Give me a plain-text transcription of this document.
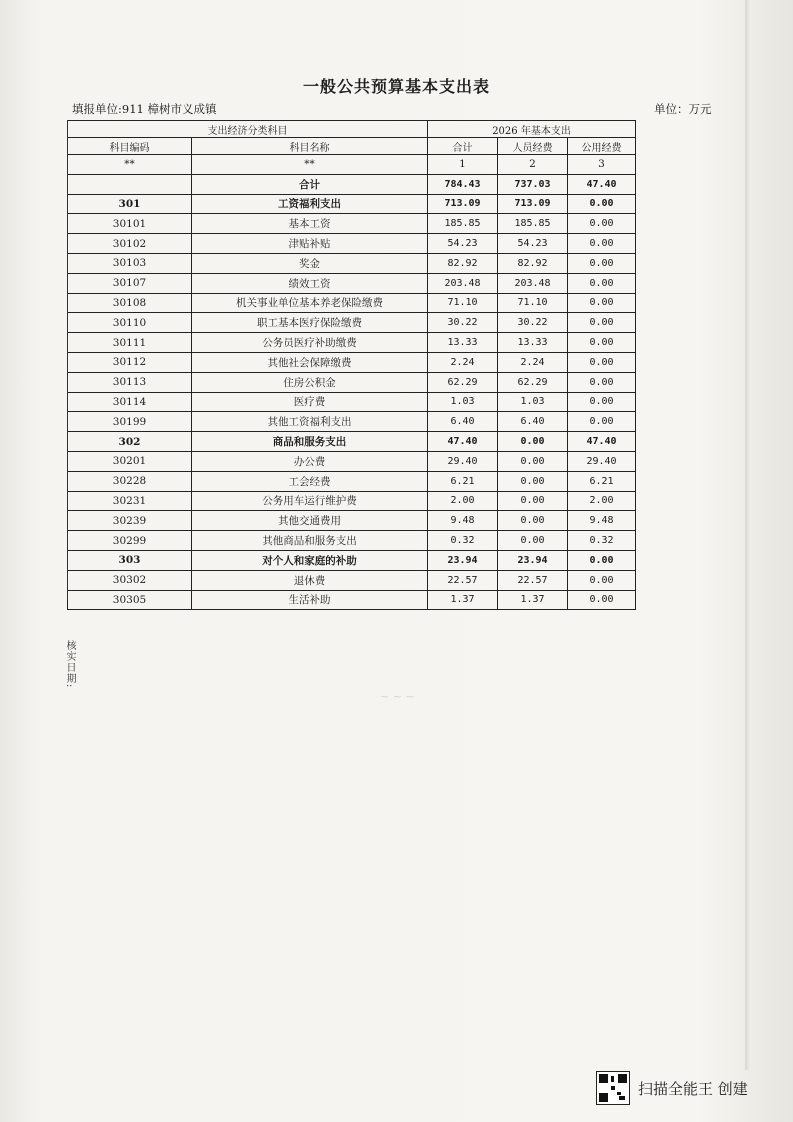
一般公共预算基本支出表
填报单位:911 樟树市义成镇	单位：万元
支出经济分类科目		2026 年基本支出		
科目编码	科目名称	合计	人员经费	公用经费
**	**	1	2	3
	合计	784.43	737.03	47.40
301	工资福利支出	713.09	713.09	0.00
30101	基本工资	185.85	185.85	0.00
30102	津贴补贴	54.23	54.23	0.00
30103	奖金	82.92	82.92	0.00
30107	绩效工资	203.48	203.48	0.00
30108	机关事业单位基本养老保险缴费	71.10	71.10	0.00
30110	职工基本医疗保险缴费	30.22	30.22	0.00
30111	公务员医疗补助缴费	13.33	13.33	0.00
30112	其他社会保障缴费	2.24	2.24	0.00
30113	住房公积金	62.29	62.29	0.00
30114	医疗费	1.03	1.03	0.00
30199	其他工资福利支出	6.40	6.40	0.00
302	商品和服务支出	47.40	0.00	47.40
30201	办公费	29.40	0.00	29.40
30228	工会经费	6.21	0.00	6.21
30231	公务用车运行维护费	2.00	0.00	2.00
30239	其他交通费用	9.48	0.00	9.48
30299	其他商品和服务支出	0.32	0.00	0.32
303	对个人和家庭的补助	23.94	23.94	0.00
30302	退休费	22.57	22.57	0.00
30305	生活补助	1.37	1.37	0.00
核实日期:
~ ~ ~
扫描全能王 创建
